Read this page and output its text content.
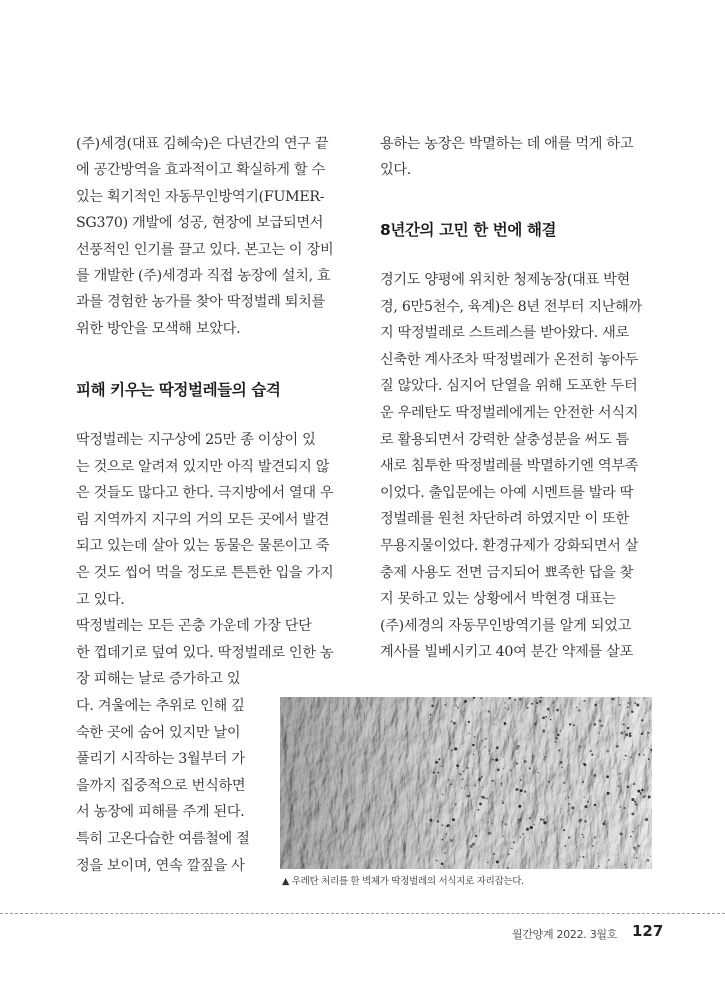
피해 키우는 딱정벌레들의 습격
8년간의 고민 한 번에 해결
▲ 우레탄 처리를 한 벽체가 딱정벌레의 서식지로 자리잡는다.
월간양계 2022. 3월호 127
(주)세경(대표 김혜숙)은 다년간의 연구 끝
에 공간방역을 효과적이고 확실하게 할 수
있는 획기적인 자동무인방역기(FUMER-
SG370) 개발에 성공, 현장에 보급되면서
선풍적인 인기를 끌고 있다. 본고는 이 장비
를 개발한 (주)세경과 직접 농장에 설치, 효
과를 경험한 농가를 찾아 딱정벌레 퇴치를
위한 방안을 모색해 보았다.
딱정벌레는 지구상에 25만 종 이상이 있
는 것으로 알려져 있지만 아직 발견되지 않
은 것들도 많다고 한다. 극지방에서 열대 우
림 지역까지 지구의 거의 모든 곳에서 발견
되고 있는데 살아 있는 동물은 물론이고 죽
은 것도 씹어 먹을 정도로 튼튼한 입을 가지
고 있다.
딱정벌레는 모든 곤충 가운데 가장 단단
한 껍데기로 덮여 있다. 딱정벌레로 인한 농
장 피해는 날로 증가하고 있
다. 겨울에는 추위로 인해 깊
숙한 곳에 숨어 있지만 날이
풀리기 시작하는 3월부터 가
을까지 집중적으로 번식하면
서 농장에 피해를 주게 된다.
특히 고온다습한 여름철에 절
정을 보이며, 연속 깔짚을 사
용하는 농장은 박멸하는 데 애를 먹게 하고
있다.
경기도 양평에 위치한 청제농장(대표 박현
경, 6만5천수, 육계)은 8년 전부터 지난해까
지 딱정벌레로 스트레스를 받아왔다. 새로
신축한 계사조차 딱정벌레가 온전히 놓아두
질 않았다. 심지어 단열을 위해 도포한 두터
운 우레탄도 딱정벌레에게는 안전한 서식지
로 활용되면서 강력한 살충성분을 써도 틈
새로 침투한 딱정벌레를 박멸하기엔 역부족
이었다. 출입문에는 아예 시멘트를 발라 딱
정벌레를 원천 차단하려 하였지만 이 또한
무용지물이었다. 환경규제가 강화되면서 살
충제 사용도 전면 금지되어 뾰족한 답을 찾
지 못하고 있는 상황에서 박현경 대표는
(주)세경의 자동무인방역기를 알게 되었고
계사를 빌베시키고 40여 분간 약제를 살포
